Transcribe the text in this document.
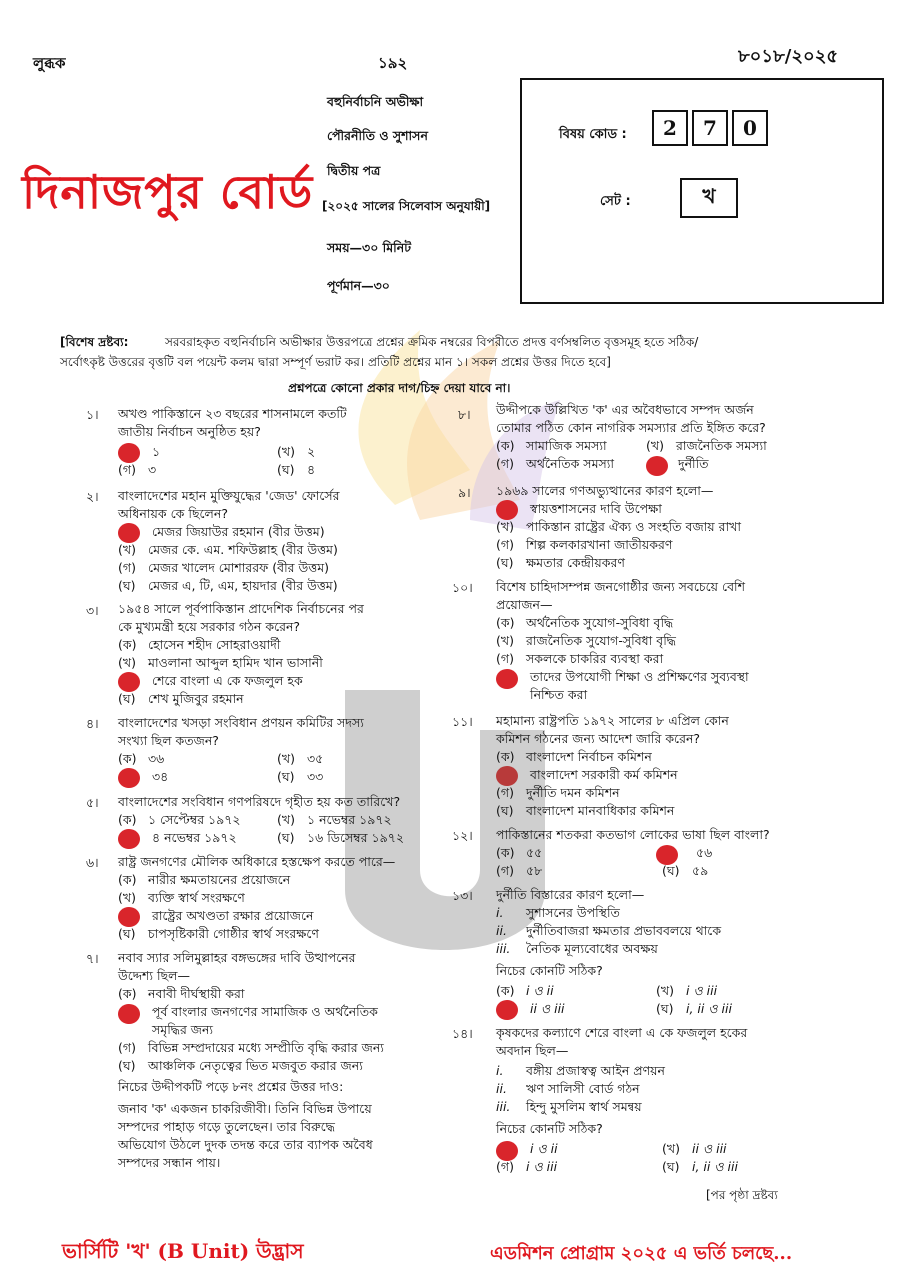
লুব্ধক	১৯২	৮০১৮/২০২৫
বহুনির্বাচনি অভীক্ষা
পৌরনীতি ও সুশাসন
দ্বিতীয় পত্র
[২০২৫ সালের সিলেবাস অনুযায়ী]
সময়—৩০ মিনিট
পূর্ণমান—৩০
দিনাজপুর বোর্ড
বিষয় কোড :	2	7	0
সেট :	খ
[বিশেষ দ্রষ্টব্য:	সরবরাহকৃত বহুনির্বাচনি অভীক্ষার উত্তরপত্রে প্রশ্নের ক্রমিক নম্বরের বিপরীতে প্রদত্ত বর্ণসম্বলিত বৃত্তসমূহ হতে সঠিক/
সর্বোৎকৃষ্ট উত্তরের বৃত্তটি বল পয়েন্ট কলম দ্বারা সম্পূর্ণ ভরাট কর। প্রতিটি প্রশ্নের মান ১। সকল প্রশ্নের উত্তর দিতে হবে]
প্রশ্নপত্রে কোনো প্রকার দাগ/চিহ্ন দেয়া যাবে না।
১। অখণ্ড পাকিস্তানে ২৩ বছরের শাসনামলে কতটি
জাতীয় নির্বাচন অনুষ্ঠিত হয়?
১	(খ) ২
(গ) ৩	(ঘ) ৪
২। বাংলাদেশের মহান মুক্তিযুদ্ধের 'জেড' ফোর্সের
অধিনায়ক কে ছিলেন?
মেজর জিয়াউর রহমান (বীর উত্তম)
(খ) মেজর কে. এম. শফিউল্লাহ (বীর উত্তম)
(গ) মেজর খালেদ মোশাররফ (বীর উত্তম)
(ঘ) মেজর এ, টি, এম, হায়দার (বীর উত্তম)
৩। ১৯৫৪ সালে পূর্বপাকিস্তান প্রাদেশিক নির্বাচনের পর
কে মুখ্যমন্ত্রী হয়ে সরকার গঠন করেন?
(ক) হোসেন শহীদ সোহরাওয়ার্দী
(খ) মাওলানা আব্দুল হামিদ খান ভাসানী
শেরে বাংলা এ কে ফজলুল হক
(ঘ) শেখ মুজিবুর রহমান
৪। বাংলাদেশের খসড়া সংবিধান প্রণয়ন কমিটির সদস্য
সংখ্যা ছিল কতজন?
(ক) ৩৬	(খ) ৩৫
৩৪	(ঘ) ৩৩
৫। বাংলাদেশের সংবিধান গণপরিষদে গৃহীত হয় কত তারিখে?
(ক) ১ সেপ্টেম্বর ১৯৭২	(খ) ১ নভেম্বর ১৯৭২
৪ নভেম্বর ১৯৭২	(ঘ) ১৬ ডিসেম্বর ১৯৭২
৬। রাষ্ট্র জনগণের মৌলিক অধিকারে হস্তক্ষেপ করতে পারে—
(ক) নারীর ক্ষমতায়নের প্রয়োজনে
(খ) ব্যক্তি স্বার্থ সংরক্ষণে
রাষ্ট্রের অখণ্ডতা রক্ষার প্রয়োজনে
(ঘ) চাপসৃষ্টিকারী গোষ্ঠীর স্বার্থ সংরক্ষণে
৭। নবাব স্যার সলিমুল্লাহর বঙ্গভঙ্গের দাবি উত্থাপনের
উদ্দেশ্য ছিল—
(ক) নবাবী দীর্ঘস্থায়ী করা
পূর্ব বাংলার জনগণের সামাজিক ও অর্থনৈতিক
সমৃদ্ধির জন্য
(গ) বিভিন্ন সম্প্রদায়ের মধ্যে সম্প্রীতি বৃদ্ধি করার জন্য
(ঘ) আঞ্চলিক নেতৃত্বের ভিত মজবুত করার জন্য
নিচের উদ্দীপকটি পড়ে ৮নং প্রশ্নের উত্তর দাও:
জনাব 'ক' একজন চাকরিজীবী। তিনি বিভিন্ন উপায়ে
সম্পদের পাহাড় গড়ে তুলেছেন। তার বিরুদ্ধে
অভিযোগ উঠলে দুদক তদন্ত করে তার ব্যাপক অবৈধ
সম্পদের সন্ধান পায়।
৮। উদ্দীপকে উল্লিখিত 'ক' এর অবৈধভাবে সম্পদ অর্জন
তোমার পঠিত কোন নাগরিক সমস্যার প্রতি ইঙ্গিত করে?
(ক) সামাজিক সমস্যা	(খ) রাজনৈতিক সমস্যা
(গ) অর্থনৈতিক সমস্যা	দুর্নীতি
৯। ১৯৬৯ সালের গণঅভ্যুত্থানের কারণ হলো—
স্বায়ত্তশাসনের দাবি উপেক্ষা
(খ) পাকিস্তান রাষ্ট্রের ঐক্য ও সংহতি বজায় রাখা
(গ) শিল্প কলকারখানা জাতীয়করণ
(ঘ) ক্ষমতার কেন্দ্রীয়করণ
১০। বিশেষ চাহিদাসম্পন্ন জনগোষ্ঠীর জন্য সবচেয়ে বেশি
প্রয়োজন—
(ক) অর্থনৈতিক সুযোগ-সুবিধা বৃদ্ধি
(খ) রাজনৈতিক সুযোগ-সুবিধা বৃদ্ধি
(গ) সকলকে চাকরির ব্যবস্থা করা
তাদের উপযোগী শিক্ষা ও প্রশিক্ষণের সুব্যবস্থা
নিশ্চিত করা
১১। মহামান্য রাষ্ট্রপতি ১৯৭২ সালের ৮ এপ্রিল কোন
কমিশন গঠনের জন্য আদেশ জারি করেন?
(ক) বাংলাদেশ নির্বাচন কমিশন
বাংলাদেশ সরকারী কর্ম কমিশন
(গ) দুর্নীতি দমন কমিশন
(ঘ) বাংলাদেশ মানবাধিকার কমিশন
১২। পাকিস্তানের শতকরা কতভাগ লোকের ভাষা ছিল বাংলা?
(ক) ৫৫	৫৬
(গ) ৫৮	(ঘ) ৫৯
১৩। দুর্নীতি বিস্তারের কারণ হলো—
i. সুশাসনের উপস্থিতি
ii. দুর্নীতিবাজরা ক্ষমতার প্রভাববলয়ে থাকে
iii. নৈতিক মূল্যবোধের অবক্ষয়
নিচের কোনটি সঠিক?
(ক) i ও ii	(খ) i ও iii
ii ও iii	(ঘ) i, ii ও iii
১৪। কৃষকদের কল্যাণে শেরে বাংলা এ কে ফজলুল হকের
অবদান ছিল—
i. বঙ্গীয় প্রজাস্বত্ব আইন প্রণয়ন
ii. ঋণ সালিসী বোর্ড গঠন
iii. হিন্দু মুসলিম স্বার্থ সমন্বয়
নিচের কোনটি সঠিক?
i ও ii	(খ) ii ও iii
(গ) i ও iii	(ঘ) i, ii ও iii
[পর পৃষ্ঠা দ্রষ্টব্য
ভার্সিটি 'খ' (B Unit) উদ্ভ্রাস	এডমিশন প্রোগ্রাম ২০২৫ এ ভর্তি চলছে...
